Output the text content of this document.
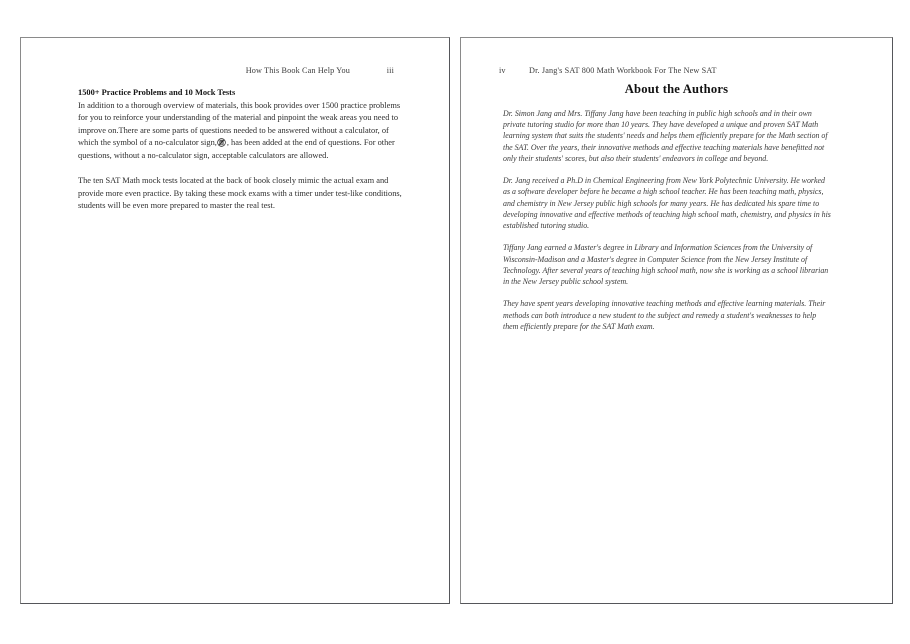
How This Book Can Help You	iii

1500+ Practice Problems and 10 Mock Tests

In addition to a thorough overview of materials, this book provides over 1500 practice problems for you to reinforce your understanding of the material and pinpoint the weak areas you need to improve on.There are some parts of questions needed to be answered without a calculator, of which the symbol of a no-calculator sign, , has been added at the end of questions. For other questions, without a no-calculator sign, acceptable calculators are allowed.

The ten SAT Math mock tests located at the back of book closely mimic the actual exam and provide more even practice. By taking these mock exams with a timer under test-like conditions, students will be even more prepared to master the real test.

iv	Dr. Jang's SAT 800 Math Workbook For The New SAT
About the Authors

Dr. Simon Jang and Mrs. Tiffany Jang have been teaching in public high schools and in their own private tutoring studio for more than 10 years. They have developed a unique and proven SAT Math learning system that suits the students' needs and helps them efficiently prepare for the Math section of the SAT. Over the years, their innovative methods and effective teaching materials have benefitted not only their students' scores, but also their students' endeavors in college and beyond.

Dr. Jang received a Ph.D in Chemical Engineering from New York Polytechnic University. He worked as a software developer before he became a high school teacher. He has been teaching math, physics, and chemistry in New Jersey public high schools for many years. He has dedicated his spare time to developing innovative and effective methods of teaching high school math, chemistry, and physics in his established tutoring studio.

Tiffany Jang earned a Master's degree in Library and Information Sciences from the University of Wisconsin-Madison and a Master's degree in Computer Science from the New Jersey Institute of Technology. After several years of teaching high school math, now she is working as a school librarian in the New Jersey public school system.

They have spent years developing innovative teaching methods and effective learning materials. Their methods can both introduce a new student to the subject and remedy a student's weaknesses to help them efficiently prepare for the SAT Math exam.
